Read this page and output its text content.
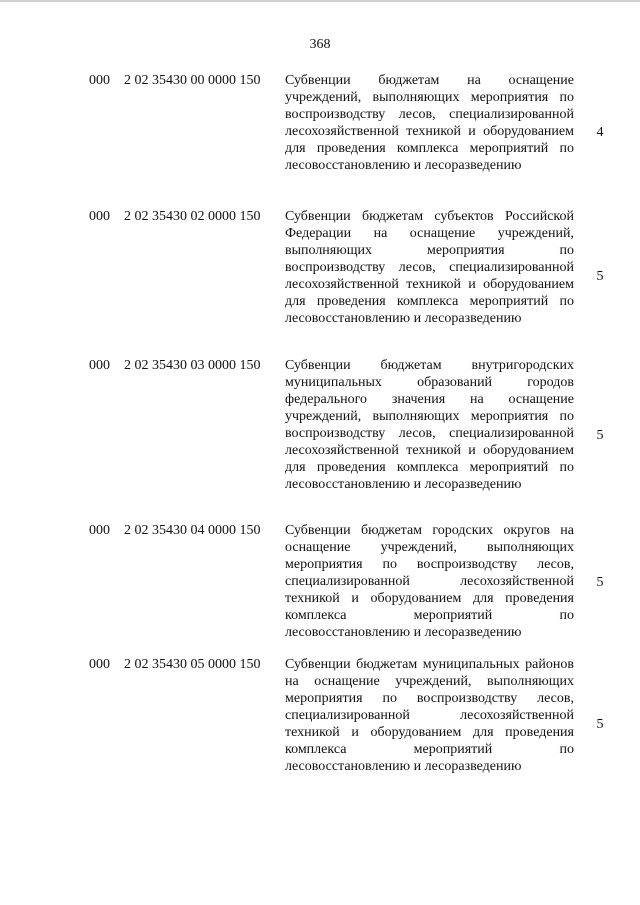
368
000 2 02 35430 00 0000 150 Субвенции бюджетам на оснащение учреждений, выполняющих мероприятия по воспроизводству лесов, специализированной лесохозяйственной техникой и оборудованием для проведения комплекса мероприятий по лесовосстановлению и лесоразведению

4
000 2 02 35430 02 0000 150 Субвенции бюджетам субъектов Российской Федерации на оснащение учреждений, выполняющих мероприятия по воспроизводству лесов, специализированной лесохозяйственной техникой и оборудованием для проведения комплекса мероприятий по лесовосстановлению и лесоразведению

5
000 2 02 35430 03 0000 150 Субвенции бюджетам внутригородских муниципальных образований городов федерального значения на оснащение учреждений, выполняющих мероприятия по воспроизводству лесов, специализированной лесохозяйственной техникой и оборудованием для проведения комплекса мероприятий по лесовосстановлению и лесоразведению

5
000 2 02 35430 04 0000 150 Субвенции бюджетам городских округов на оснащение учреждений, выполняющих мероприятия по воспроизводству лесов, специализированной лесохозяйственной техникой и оборудованием для проведения комплекса мероприятий по лесовосстановлению и лесоразведению

5
000 2 02 35430 05 0000 150 Субвенции бюджетам муниципальных районов на оснащение учреждений, выполняющих мероприятия по воспроизводству лесов, специализированной лесохозяйственной техникой и оборудованием для проведения комплекса мероприятий по лесовосстановлению и лесоразведению

5
